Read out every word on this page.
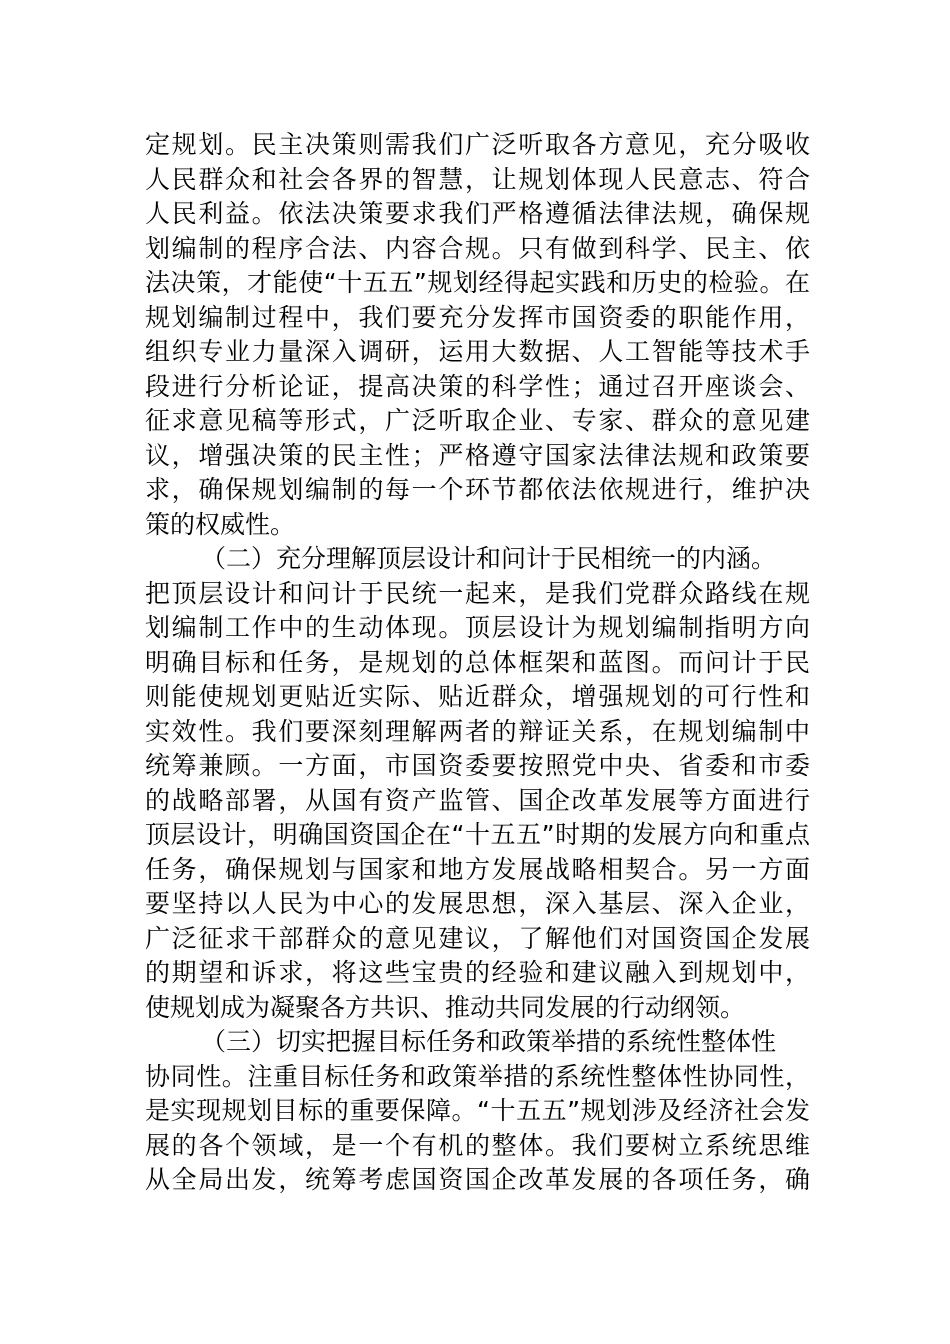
定规划。民主决策则需我们广泛听取各方意见，充分吸收
人民群众和社会各界的智慧，让规划体现人民意志、符合
人民利益。依法决策要求我们严格遵循法律法规，确保规
划编制的程序合法、内容合规。只有做到科学、民主、依
法决策，才能使“十五五”规划经得起实践和历史的检验。在
规划编制过程中，我们要充分发挥市国资委的职能作用，
组织专业力量深入调研，运用大数据、人工智能等技术手
段进行分析论证，提高决策的科学性；通过召开座谈会、
征求意见稿等形式，广泛听取企业、专家、群众的意见建
议，增强决策的民主性；严格遵守国家法律法规和政策要
求，确保规划编制的每一个环节都依法依规进行，维护决
策的权威性。
（二）充分理解顶层设计和问计于民相统一的内涵。
把顶层设计和问计于民统一起来，是我们党群众路线在规
划编制工作中的生动体现。顶层设计为规划编制指明方向
明确目标和任务，是规划的总体框架和蓝图。而问计于民
则能使规划更贴近实际、贴近群众，增强规划的可行性和
实效性。我们要深刻理解两者的辩证关系，在规划编制中
统筹兼顾。一方面，市国资委要按照党中央、省委和市委
的战略部署，从国有资产监管、国企改革发展等方面进行
顶层设计，明确国资国企在“十五五”时期的发展方向和重点
任务，确保规划与国家和地方发展战略相契合。另一方面
要坚持以人民为中心的发展思想，深入基层、深入企业，
广泛征求干部群众的意见建议，了解他们对国资国企发展
的期望和诉求，将这些宝贵的经验和建议融入到规划中，
使规划成为凝聚各方共识、推动共同发展的行动纲领。
（三）切实把握目标任务和政策举措的系统性整体性
协同性。注重目标任务和政策举措的系统性整体性协同性，
是实现规划目标的重要保障。“十五五”规划涉及经济社会发
展的各个领域，是一个有机的整体。我们要树立系统思维
从全局出发，统筹考虑国资国企改革发展的各项任务，确
